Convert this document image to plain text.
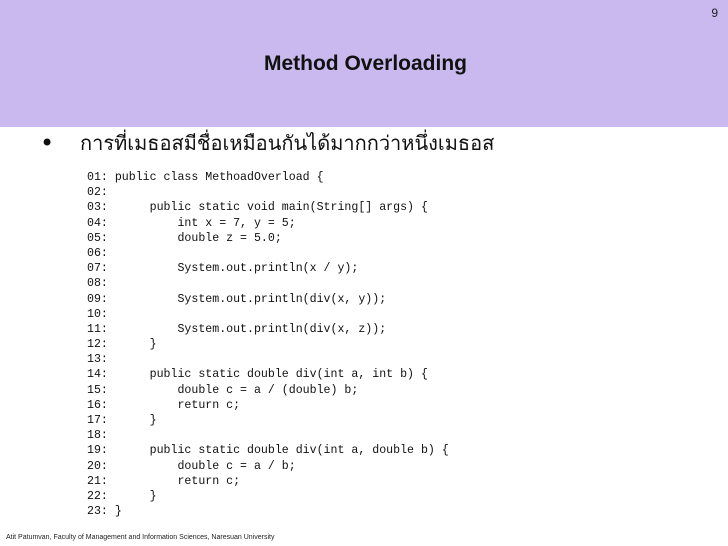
9
Method Overloading
•	การที่เมธอสมีชื่อเหมือนกันได้มากกว่าหนึ่งเมธอส
01: public class MethoadOverload {
02:
03:      public static void main(String[] args) {
04:          int x = 7, y = 5;
05:          double z = 5.0;
06:
07:          System.out.println(x / y);
08:
09:          System.out.println(div(x, y));
10:
11:          System.out.println(div(x, z));
12:      }
13:
14:      public static double div(int a, int b) {
15:          double c = a / (double) b;
16:          return c;
17:      }
18:
19:      public static double div(int a, double b) {
20:          double c = a / b;
21:          return c;
22:      }
23: }
Atit Patumvan, Faculty of Management and Information Sciences, Naresuan University
